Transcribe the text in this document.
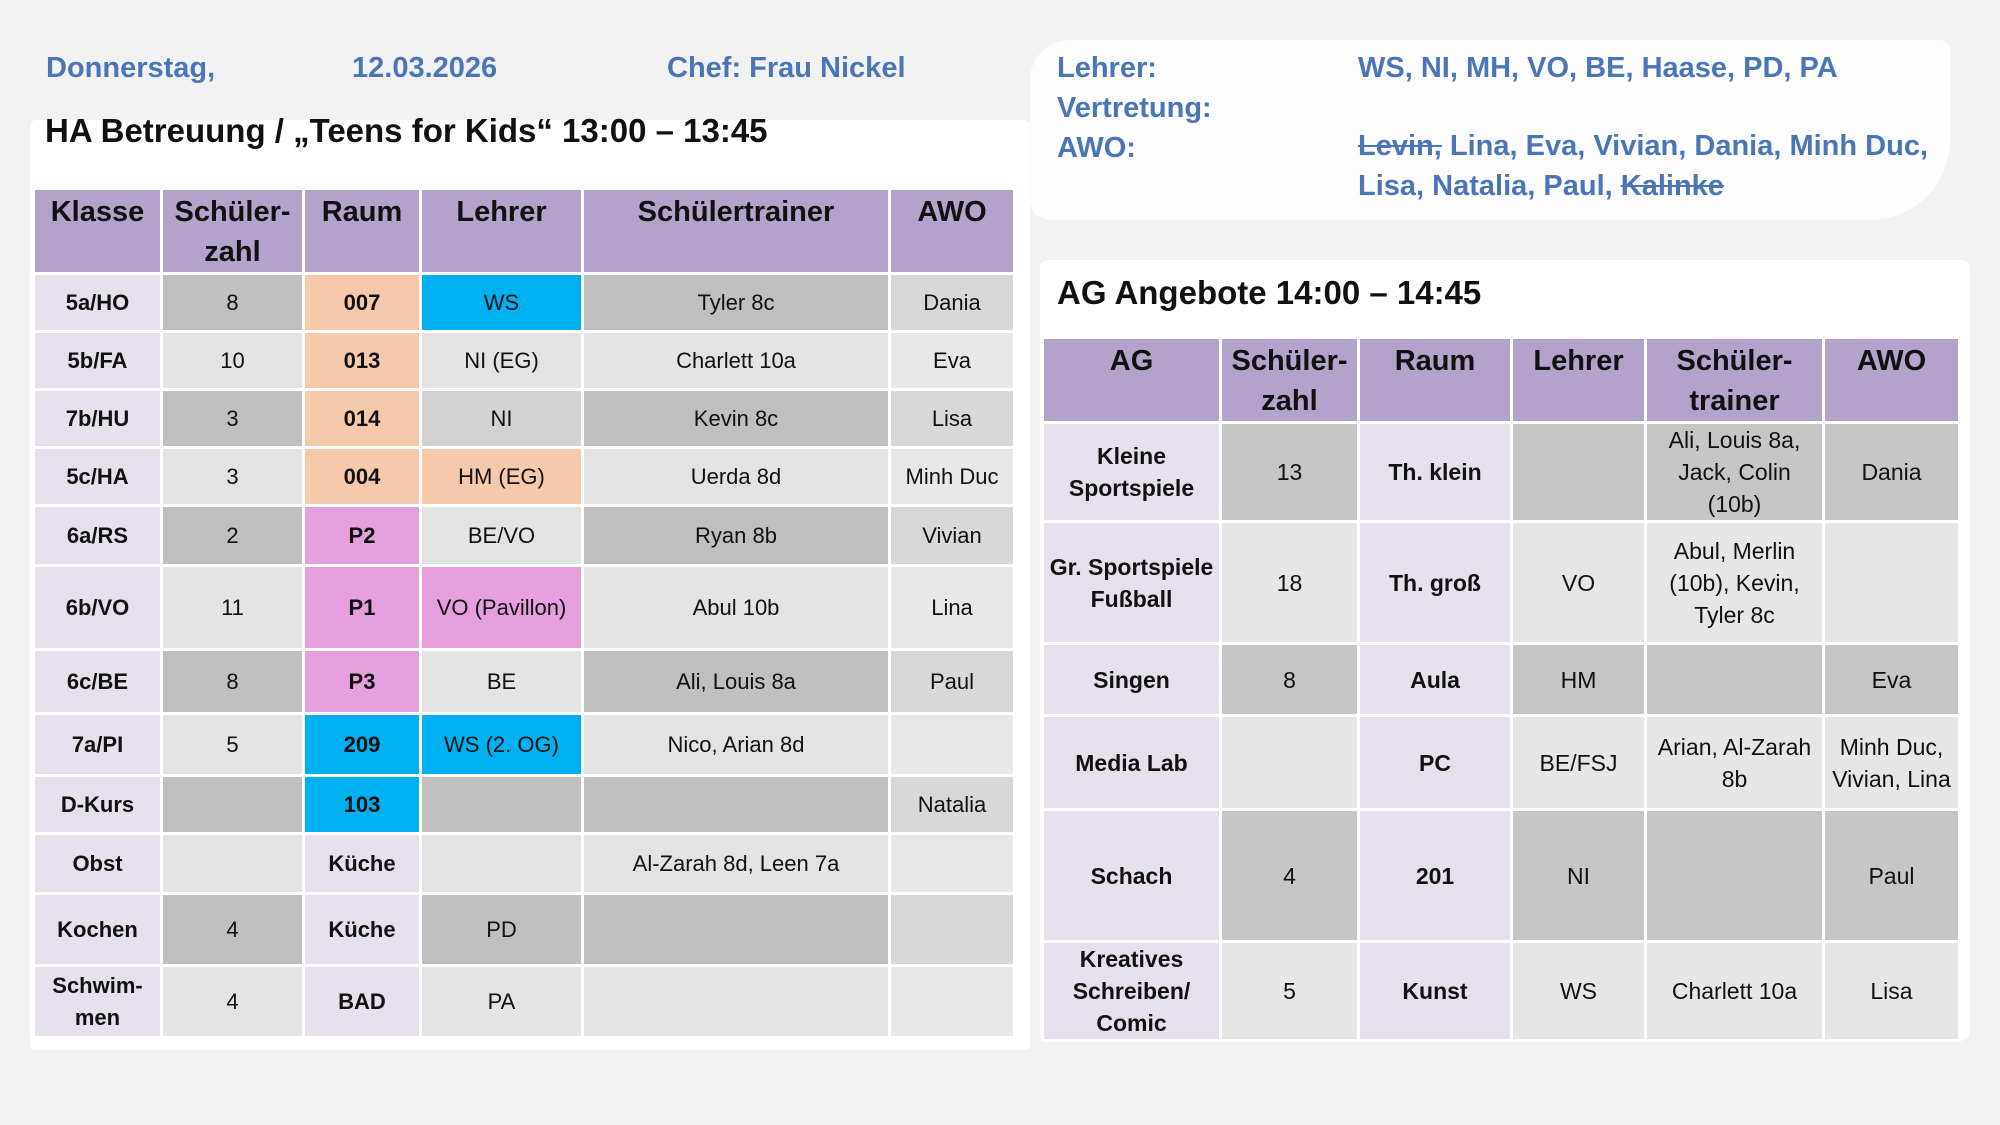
Donnerstag,	12.03.2026	Chef: Frau Nickel	Lehrer:	WS, NI, MH, VO, BE, Haase, PD, PA
Vertretung:
AWO:	Levin, Lina, Eva, Vivian, Dania, Minh Duc,
Lisa, Natalia, Paul, Kalinke
HA Betreuung / „Teens for Kids“ 13:00 – 13:45
AG Angebote 14:00 – 14:45
Klasse	Schüler-zahl	Raum	Lehrer	Schülertrainer	AWO
5a/HO	8	007	WS	Tyler 8c	Dania
5b/FA	10	013	NI (EG)	Charlett 10a	Eva
7b/HU	3	014	NI	Kevin 8c	Lisa
5c/HA	3	004	HM (EG)	Uerda 8d	Minh Duc
6a/RS	2	P2	BE/VO	Ryan 8b	Vivian
6b/VO	11	P1	VO (Pavillon)	Abul 10b	Lina
6c/BE	8	P3	BE	Ali, Louis 8a	Paul
7a/PI	5	209	WS (2. OG)	Nico, Arian 8d	
D-Kurs		103			Natalia
Obst		Küche		Al-Zarah 8d, Leen 7a	
Kochen	4	Küche	PD		
Schwim-men	4	BAD	PA		
AG	Schüler-zahl	Raum	Lehrer	Schüler-trainer	AWO
Kleine Sportspiele	13	Th. klein		Ali, Louis 8a, Jack, Colin (10b)	Dania
Gr. Sportspiele Fußball	18	Th. groß	VO	Abul, Merlin (10b), Kevin, Tyler 8c	
Singen	8	Aula	HM		Eva
Media Lab		PC	BE/FSJ	Arian, Al-Zarah 8b	Minh Duc, Vivian, Lina
Schach	4	201	NI		Paul
Kreatives Schreiben/ Comic	5	Kunst	WS	Charlett 10a	Lisa
